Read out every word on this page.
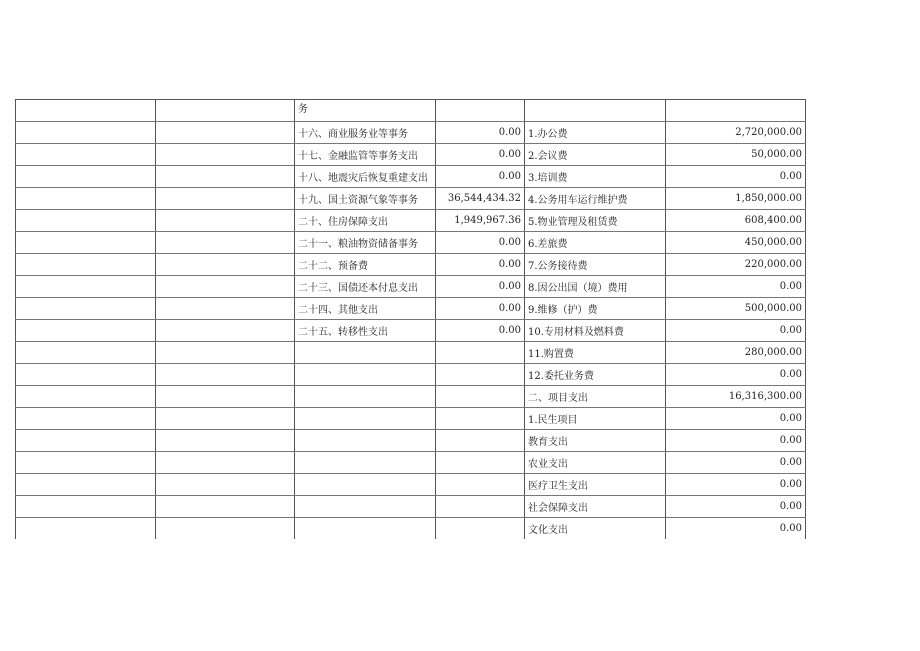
		务			
		十六、商业服务业等事务	0.00	1.办公费	2,720,000.00
		十七、金融监管等事务支出	0.00	2.会议费	50,000.00
		十八、地震灾后恢复重建支出	0.00	3.培训费	0.00
		十九、国土资源气象等事务	36,544,434.32	4.公务用车运行维护费	1,850,000.00
		二十、住房保障支出	1,949,967.36	5.物业管理及租赁费	608,400.00
		二十一、粮油物资储备事务	0.00	6.差旅费	450,000.00
		二十二、预备费	0.00	7.公务接待费	220,000.00
		二十三、国债还本付息支出	0.00	8.因公出国（境）费用	0.00
		二十四、其他支出	0.00	9.维修（护）费	500,000.00
		二十五、转移性支出	0.00	10.专用材料及燃料费	0.00
				11.购置费	280,000.00
				12.委托业务费	0.00
				二、项目支出	16,316,300.00
				1.民生项目	0.00
				教育支出	0.00
				农业支出	0.00
				医疗卫生支出	0.00
				社会保障支出	0.00
				文化支出	0.00
